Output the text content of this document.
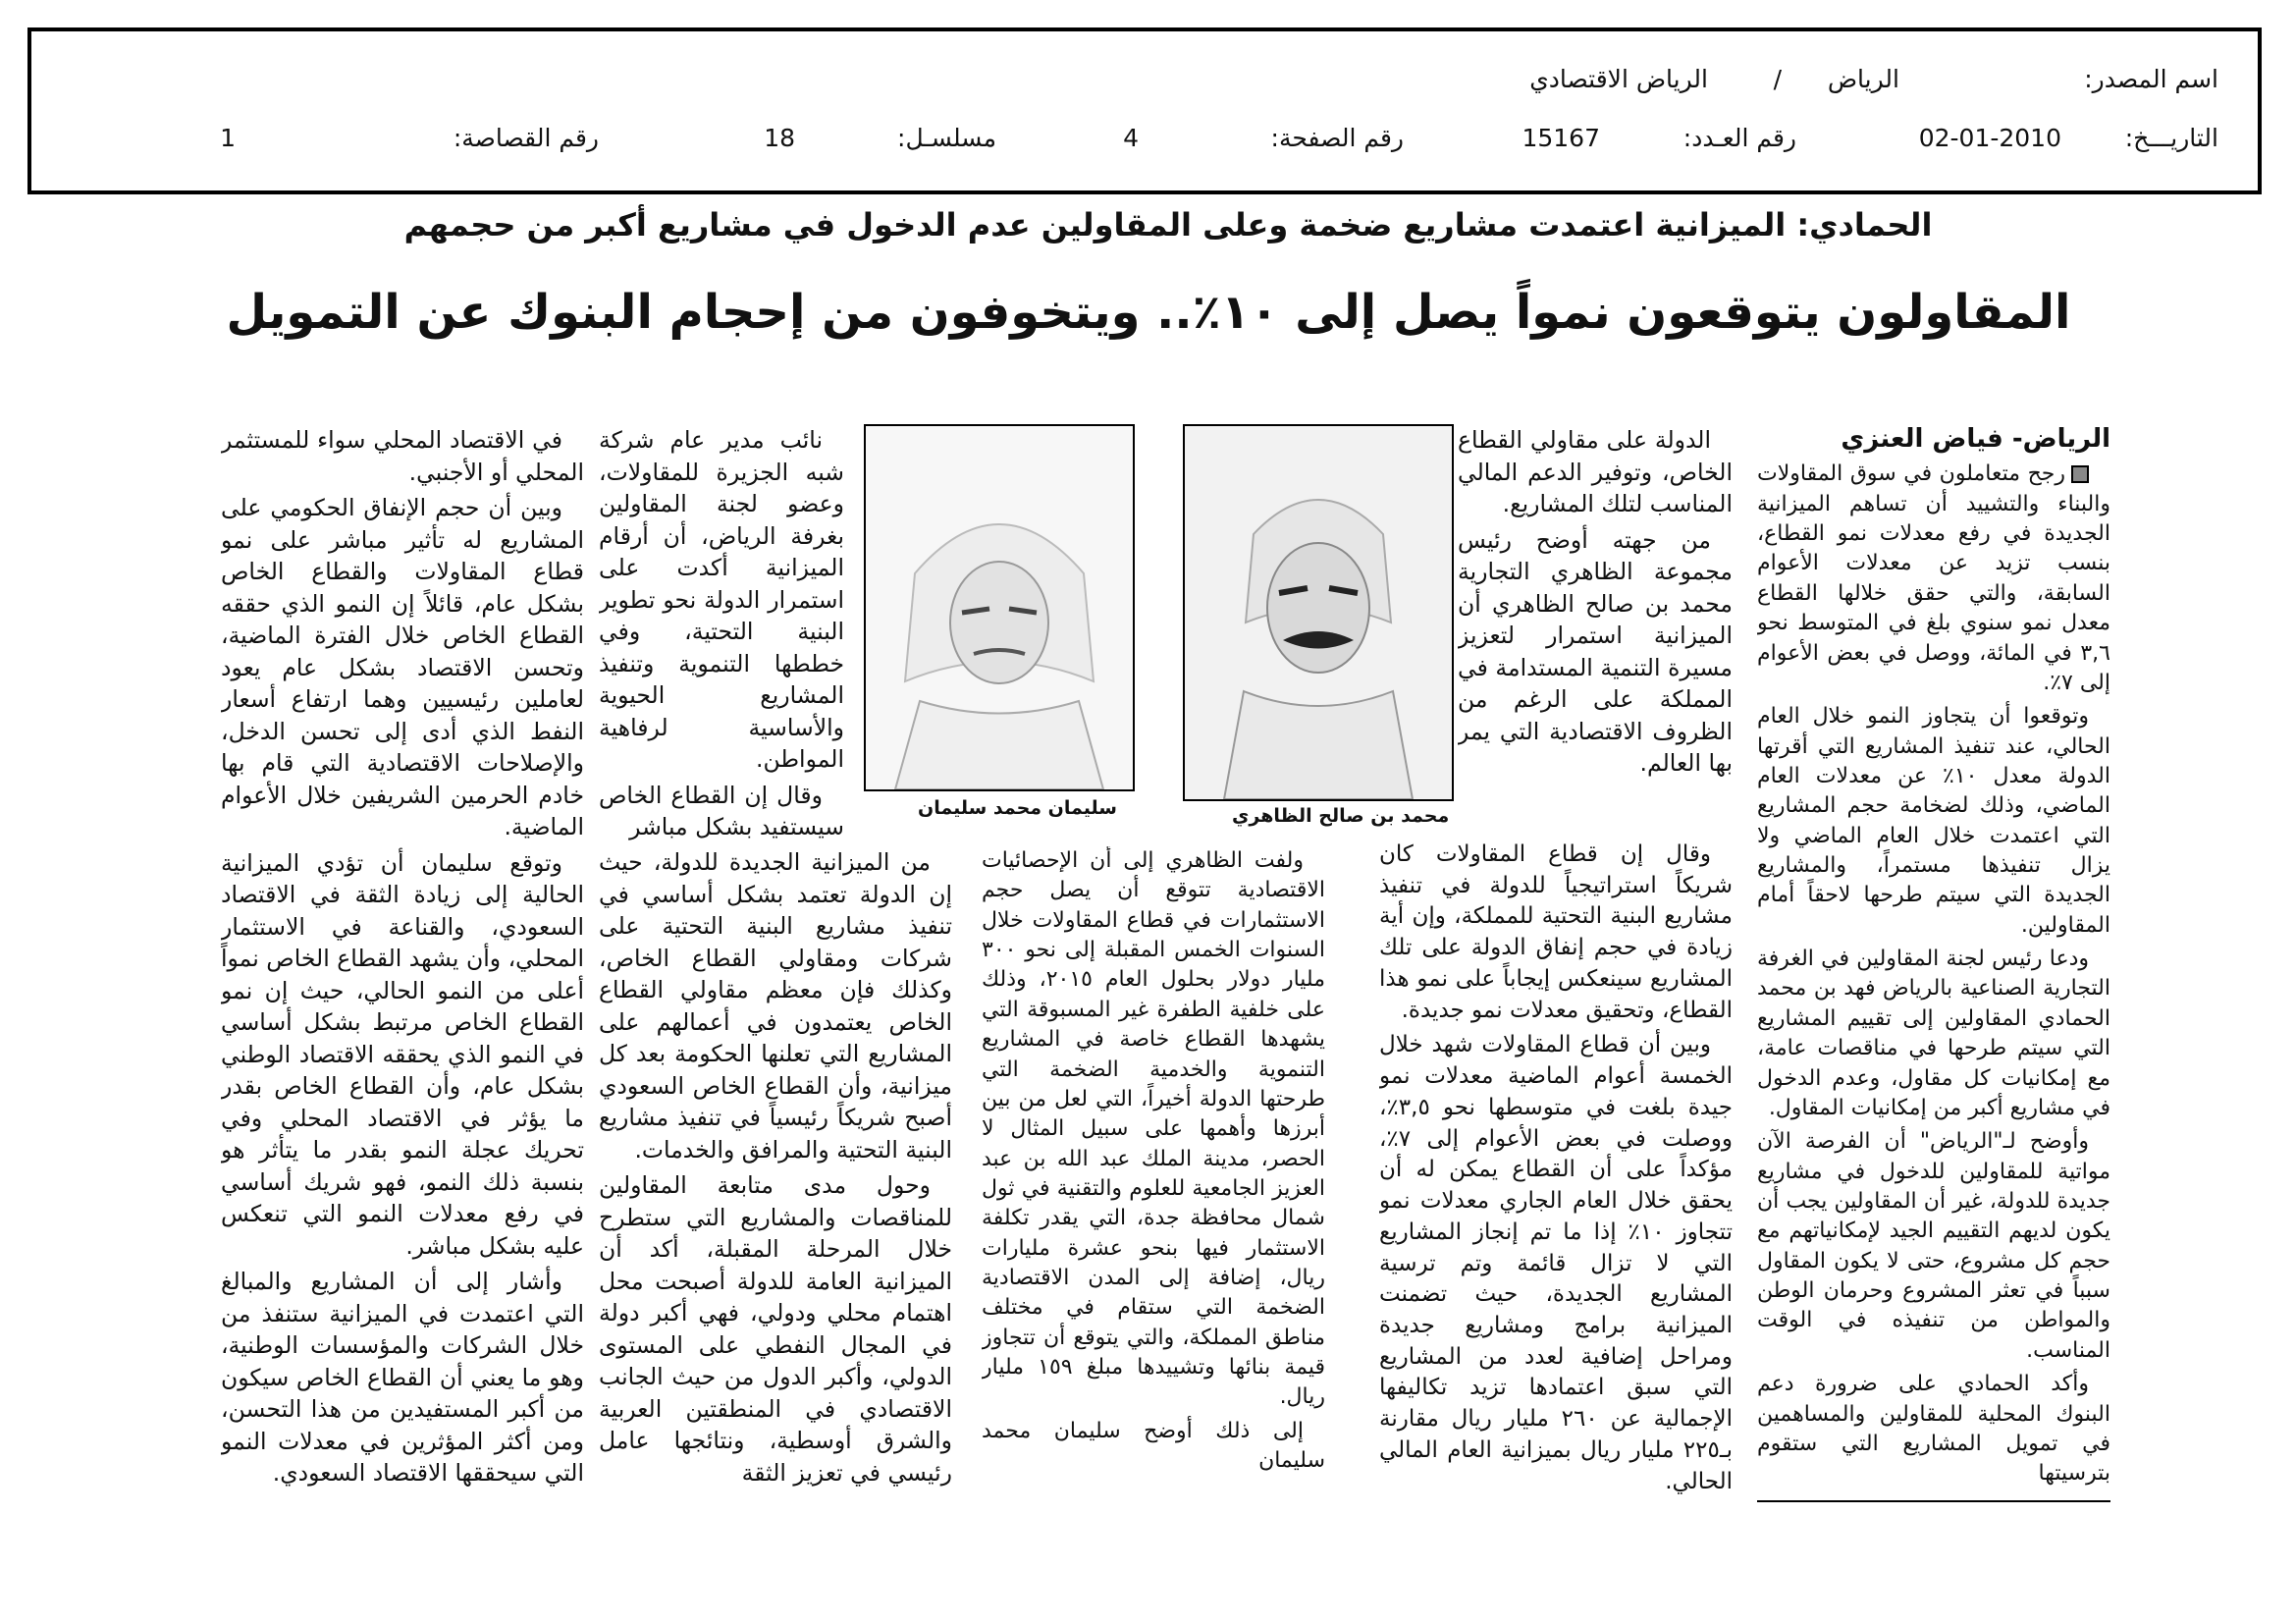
اسم المصدر:
الرياض
/
الرياض الاقتصادي
التاريـــخ:
02-01-2010
رقم العـدد:
15167
رقم الصفحة:
4
مسلسـل:
18
رقم القصاصة:
1
الحمادي: الميزانية اعتمدت مشاريع ضخمة وعلى المقاولين عدم الدخول في مشاريع أكبر من حجمهم
المقاولون يتوقعون نمواً يصل إلى ١٠٪.. ويتخوفون من إحجام البنوك عن التمويل
الرياض- فياض العنزي

رجح متعاملون في سوق المقاولات والبناء والتشييد أن تساهم الميزانية الجديدة في رفع معدلات نمو القطاع، بنسب تزيد عن معدلات الأعوام السابقة، والتي حقق خلالها القطاع معدل نمو سنوي بلغ في المتوسط نحو ٣,٦ في المائة، ووصل في بعض الأعوام إلى ٧٪.

وتوقعوا أن يتجاوز النمو خلال العام الحالي، عند تنفيذ المشاريع التي أقرتها الدولة معدل ١٠٪ عن معدلات العام الماضي، وذلك لضخامة حجم المشاريع التي اعتمدت خلال العام الماضي ولا يزال تنفيذها مستمراً، والمشاريع الجديدة التي سيتم طرحها لاحقاً أمام المقاولين.

ودعا رئيس لجنة المقاولين في الغرفة التجارية الصناعية بالرياض فهد بن محمد الحمادي المقاولين إلى تقييم المشاريع التي سيتم طرحها في مناقصات عامة، مع إمكانيات كل مقاول، وعدم الدخول في مشاريع أكبر من إمكانيات المقاول.

وأوضح لـ"الرياض" أن الفرصة الآن مواتية للمقاولين للدخول في مشاريع جديدة للدولة، غير أن المقاولين يجب أن يكون لديهم التقييم الجيد لإمكانياتهم مع حجم كل مشروع، حتى لا يكون المقاول سبباً في تعثر المشروع وحرمان الوطن والمواطن من تنفيذه في الوقت المناسب.

وأكد الحمادي على ضرورة دعم البنوك المحلية للمقاولين والمساهمين في تمويل المشاريع التي ستقوم بترسيتها

الدولة على مقاولي القطاع الخاص، وتوفير الدعم المالي المناسب لتلك المشاريع.

من جهته أوضح رئيس مجموعة الظاهري التجارية محمد بن صالح الظاهري أن الميزانية استمرار لتعزيز مسيرة التنمية المستدامة في المملكة على الرغم من الظروف الاقتصادية التي يمر بها العالم.

محمد بن صالح الظاهري
سليمان محمد سليمان

وقال إن قطاع المقاولات كان شريكاً استراتيجياً للدولة في تنفيذ مشاريع البنية التحتية للمملكة، وإن أية زيادة في حجم إنفاق الدولة على تلك المشاريع سينعكس إيجاباً على نمو هذا القطاع، وتحقيق معدلات نمو جديدة.

وبين أن قطاع المقاولات شهد خلال الخمسة أعوام الماضية معدلات نمو جيدة بلغت في متوسطها نحو ٣,٥٪، ووصلت في بعض الأعوام إلى ٧٪، مؤكداً على أن القطاع يمكن له أن يحقق خلال العام الجاري معدلات نمو تتجاوز ١٠٪ إذا ما تم إنجاز المشاريع التي لا تزال قائمة وتم ترسية المشاريع الجديدة، حيث تضمنت الميزانية برامج ومشاريع جديدة ومراحل إضافية لعدد من المشاريع التي سبق اعتمادها تزيد تكاليفها الإجمالية عن ٢٦٠ مليار ريال مقارنة بـ٢٢٥ مليار ريال بميزانية العام المالي الحالي.

ولفت الظاهري إلى أن الإحصائيات الاقتصادية تتوقع أن يصل حجم الاستثمارات في قطاع المقاولات خلال السنوات الخمس المقبلة إلى نحو ٣٠٠ مليار دولار بحلول العام ٢٠١٥، وذلك على خلفية الطفرة غير المسبوقة التي يشهدها القطاع خاصة في المشاريع التنموية والخدمية الضخمة التي طرحتها الدولة أخيراً، التي لعل من بين أبرزها وأهمها على سبيل المثال لا الحصر، مدينة الملك عبد الله بن عبد العزيز الجامعية للعلوم والتقنية في ثول شمال محافظة جدة، التي يقدر تكلفة الاستثمار فيها بنحو عشرة مليارات ريال، إضافة إلى المدن الاقتصادية الضخمة التي ستقام في مختلف مناطق المملكة، والتي يتوقع أن تتجاوز قيمة بنائها وتشييدها مبلغ ١٥٩ مليار ريال.

إلى ذلك أوضح سليمان محمد سليمان

نائب مدير عام شركة شبه الجزيرة للمقاولات، وعضو لجنة المقاولين بغرفة الرياض، أن أرقام الميزانية أكدت على استمرار الدولة نحو تطوير البنية التحتية، وفي خططها التنموية وتنفيذ المشاريع الحيوية والأساسية لرفاهية المواطن.

وقال إن القطاع الخاص سيستفيد بشكل مباشر

من الميزانية الجديدة للدولة، حيث إن الدولة تعتمد بشكل أساسي في تنفيذ مشاريع البنية التحتية على شركات ومقاولي القطاع الخاص، وكذلك فإن معظم مقاولي القطاع الخاص يعتمدون في أعمالهم على المشاريع التي تعلنها الحكومة بعد كل ميزانية، وأن القطاع الخاص السعودي أصبح شريكاً رئيسياً في تنفيذ مشاريع البنية التحتية والمرافق والخدمات.

وحول مدى متابعة المقاولين للمناقصات والمشاريع التي ستطرح خلال المرحلة المقبلة، أكد أن الميزانية العامة للدولة أصبحت محل اهتمام محلي ودولي، فهي أكبر دولة في المجال النفطي على المستوى الدولي، وأكبر الدول من حيث الجانب الاقتصادي في المنطقتين العربية والشرق أوسطية، ونتائجها عامل رئيسي في تعزيز الثقة

في الاقتصاد المحلي سواء للمستثمر المحلي أو الأجنبي.

وبين أن حجم الإنفاق الحكومي على المشاريع له تأثير مباشر على نمو قطاع المقاولات والقطاع الخاص بشكل عام، قائلاً إن النمو الذي حققه القطاع الخاص خلال الفترة الماضية، وتحسن الاقتصاد بشكل عام يعود لعاملين رئيسيين وهما ارتفاع أسعار النفط الذي أدى إلى تحسن الدخل، والإصلاحات الاقتصادية التي قام بها خادم الحرمين الشريفين خلال الأعوام الماضية.

وتوقع سليمان أن تؤدي الميزانية الحالية إلى زيادة الثقة في الاقتصاد السعودي، والقناعة في الاستثمار المحلي، وأن يشهد القطاع الخاص نمواً أعلى من النمو الحالي، حيث إن نمو القطاع الخاص مرتبط بشكل أساسي في النمو الذي يحققه الاقتصاد الوطني بشكل عام، وأن القطاع الخاص بقدر ما يؤثر في الاقتصاد المحلي وفي تحريك عجلة النمو بقدر ما يتأثر هو بنسبة ذلك النمو، فهو شريك أساسي في رفع معدلات النمو التي تنعكس عليه بشكل مباشر.

وأشار إلى أن المشاريع والمبالغ التي اعتمدت في الميزانية ستنفذ من خلال الشركات والمؤسسات الوطنية، وهو ما يعني أن القطاع الخاص سيكون من أكبر المستفيدين من هذا التحسن، ومن أكثر المؤثرين في معدلات النمو التي سيحققها الاقتصاد السعودي.
